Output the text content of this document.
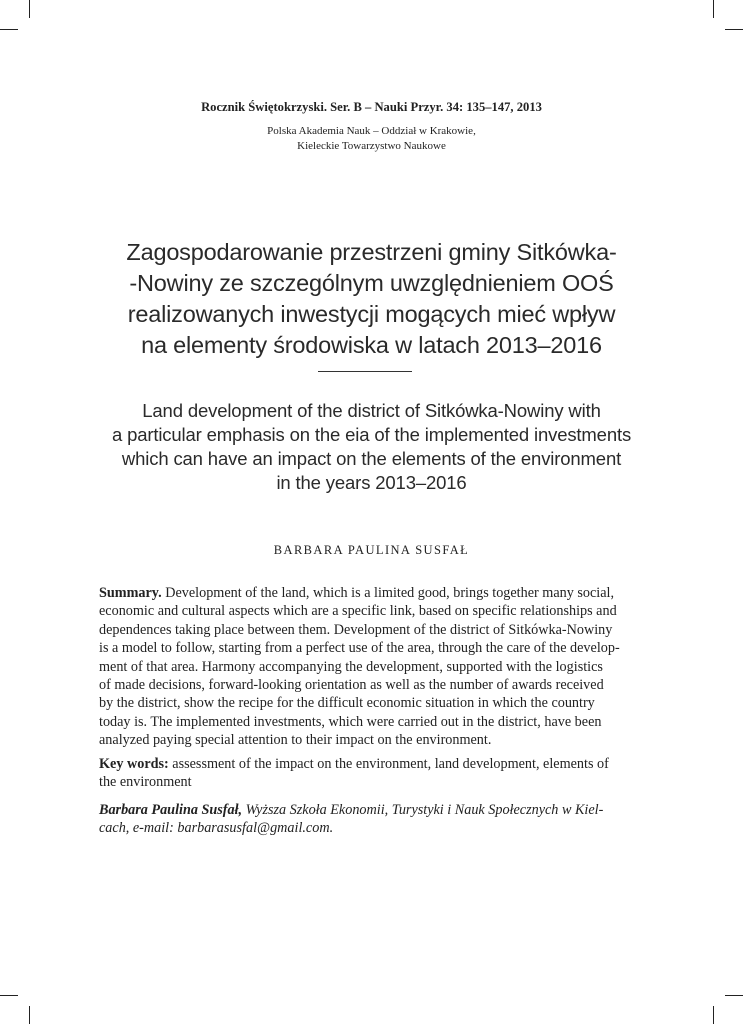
Rocznik Świętokrzyski. Ser. B – Nauki Przyr. 34: 135–147, 2013
Polska Akademia Nauk – Oddział w Krakowie,
Kieleckie Towarzystwo Naukowe
Zagospodarowanie przestrzeni gminy Sitkówka-
-Nowiny ze szczególnym uwzględnieniem OOŚ
realizowanych inwestycji mogących mieć wpływ
na elementy środowiska w latach 2013–2016
Land development of the district of Sitkówka-Nowiny with
a particular emphasis on the eia of the implemented investments
which can have an impact on the elements of the environment
in the years 2013–2016
BARBARA PAULINA SUSFAŁ
Summary. Development of the land, which is a limited good, brings together many social,
economic and cultural aspects which are a specific link, based on specific relationships and
dependences taking place between them. Development of the district of Sitkówka-Nowiny
is a model to follow, starting from a perfect use of the area, through the care of the develop-
ment of that area. Harmony accompanying the development, supported with the logistics
of made decisions, forward-looking orientation as well as the number of awards received
by the district, show the recipe for the difficult economic situation in which the country
today is. The implemented investments, which were carried out in the district, have been
analyzed paying special attention to their impact on the environment.
Key words: assessment of the impact on the environment, land development, elements of
the environment
Barbara Paulina Susfał, Wyższa Szkoła Ekonomii, Turystyki i Nauk Społecznych w Kiel-
cach, e-mail: barbarasusfal@gmail.com.
